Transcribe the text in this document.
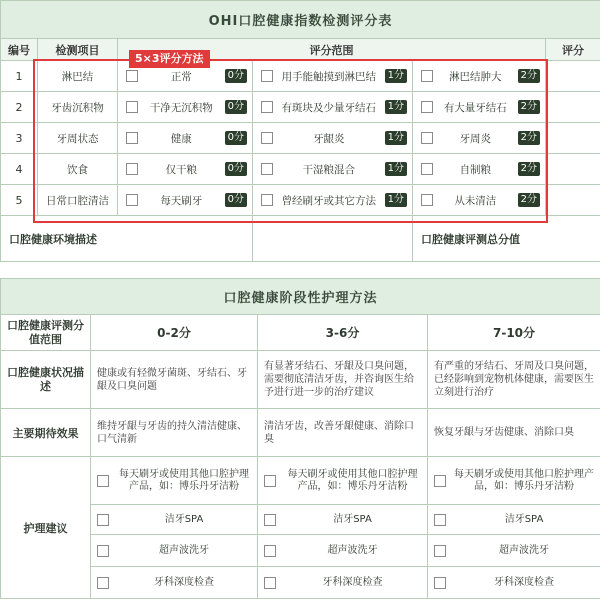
OHI口腔健康指数检测评分表					
编号	检测项目	评分范围			评分
1	淋巴结	正常 0分	用手能触摸到淋巴结 1分	淋巴结肿大 2分	

2	牙齿沉积物	干净无沉积物 0分	有斑块及少量牙结石 1分	有大量牙结石 2分	

3	牙周状态	健康 0分	牙龈炎 1分	牙周炎 2分	

4	饮食	仅干粮 0分	干湿粮混合 1分	自制粮 2分	

5	日常口腔清洁	每天刷牙 0分	曾经刷牙或其它方法 1分	从未清洁 2分	

口腔健康环境描述				口腔健康评测总分值	
5×3评分方法
口腔健康阶段性护理方法			
口腔健康评测分值范围	0-2分	3-6分	7-10分
口腔健康状况描述	健康或有轻微牙菌斑、牙结石、牙龈及口臭问题	有显著牙结石、牙龈及口臭问题，需要彻底清洁牙齿，并咨询医生给予进行进一步的治疗建议	有严重的牙结石、牙周及口臭问题，已经影响到宠物机体健康，需要医生立刻进行治疗
主要期待效果	维持牙龈与牙齿的持久清洁健康、口气清新	清洁牙齿，改善牙龈健康、消除口臭	恢复牙龈与牙齿健康、消除口臭
护理建议	每天刷牙或使用其他口腔护理产品，如：博乐丹牙洁粉	每天刷牙或使用其他口腔护理产品，如：博乐丹牙洁粉	每天刷牙或使用其他口腔护理产品，如：博乐丹牙洁粉

	洁牙SPA	洁牙SPA	洁牙SPA

	超声波洗牙	超声波洗牙	超声波洗牙

	牙科深度检查	牙科深度检查	牙科深度检查
